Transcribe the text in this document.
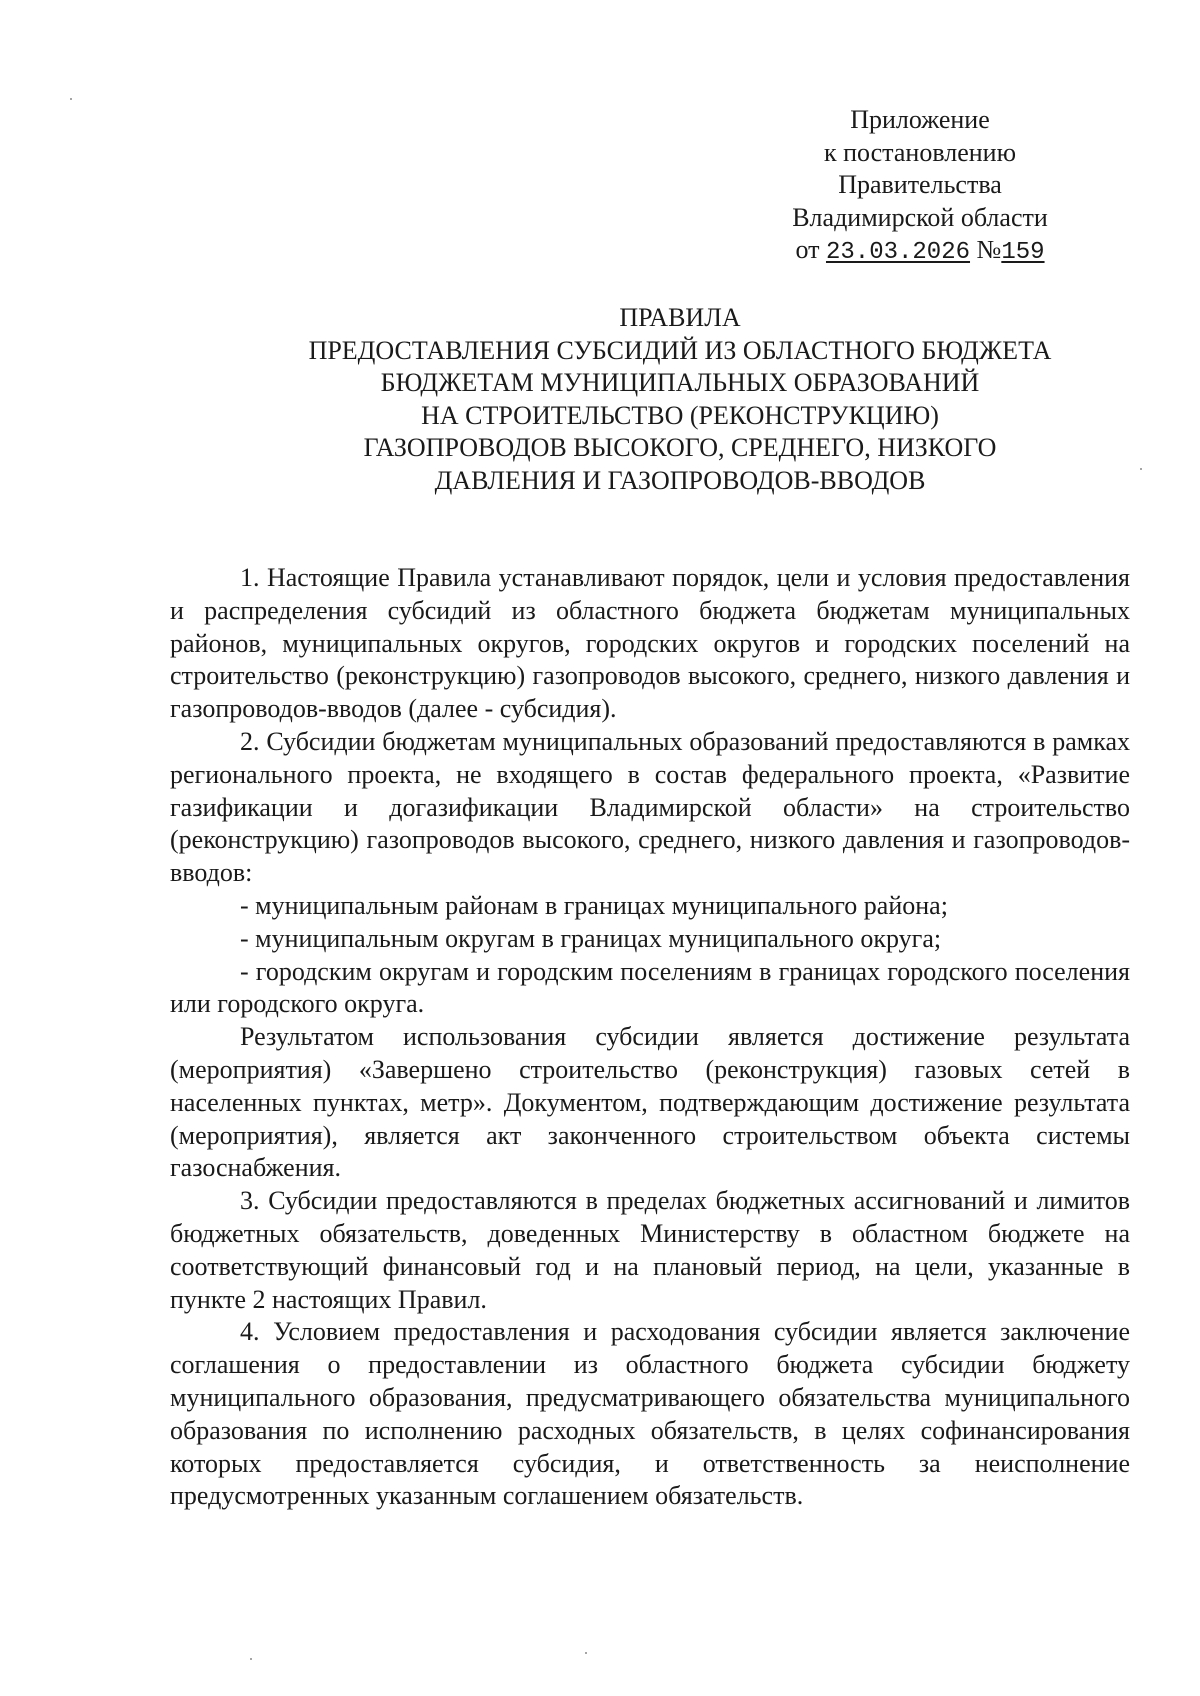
Приложение
к постановлению
Правительства
Владимирской области
от 23.03.2026 №159
ПРАВИЛА
ПРЕДОСТАВЛЕНИЯ СУБСИДИЙ ИЗ ОБЛАСТНОГО БЮДЖЕТА
БЮДЖЕТАМ МУНИЦИПАЛЬНЫХ ОБРАЗОВАНИЙ
НА СТРОИТЕЛЬСТВО (РЕКОНСТРУКЦИЮ)
ГАЗОПРОВОДОВ ВЫСОКОГО, СРЕДНЕГО, НИЗКОГО
ДАВЛЕНИЯ И ГАЗОПРОВОДОВ-ВВОДОВ

1. Настоящие Правила устанавливают порядок, цели и условия предоставления и распределения субсидий из областного бюджета бюджетам муниципальных районов, муниципальных округов, городских округов и городских поселений на строительство (реконструкцию) газопроводов высокого, среднего, низкого давления и газопроводов-вводов (далее - субсидия).

2. Субсидии бюджетам муниципальных образований предоставляются в рамках регионального проекта, не входящего в состав федерального проекта, «Развитие газификации и догазификации Владимирской области» на строительство (реконструкцию) газопроводов высокого, среднего, низкого давления и газопроводов-вводов:

- муниципальным районам в границах муниципального района;

- муниципальным округам в границах муниципального округа;

- городским округам и городским поселениям в границах городского поселения или городского округа.

Результатом использования субсидии является достижение результата (мероприятия) «Завершено строительство (реконструкция) газовых сетей в населенных пунктах, метр». Документом, подтверждающим достижение результата (мероприятия), является акт законченного строительством объекта системы газоснабжения.

3. Субсидии предоставляются в пределах бюджетных ассигнований и лимитов бюджетных обязательств, доведенных Министерству в областном бюджете на соответствующий финансовый год и на плановый период, на цели, указанные в пункте 2 настоящих Правил.

4. Условием предоставления и расходования субсидии является заключение соглашения о предоставлении из областного бюджета субсидии бюджету муниципального образования, предусматривающего обязательства муниципального образования по исполнению расходных обязательств, в целях софинансирования которых предоставляется субсидия, и ответственность за неисполнение предусмотренных указанным соглашением обязательств.
